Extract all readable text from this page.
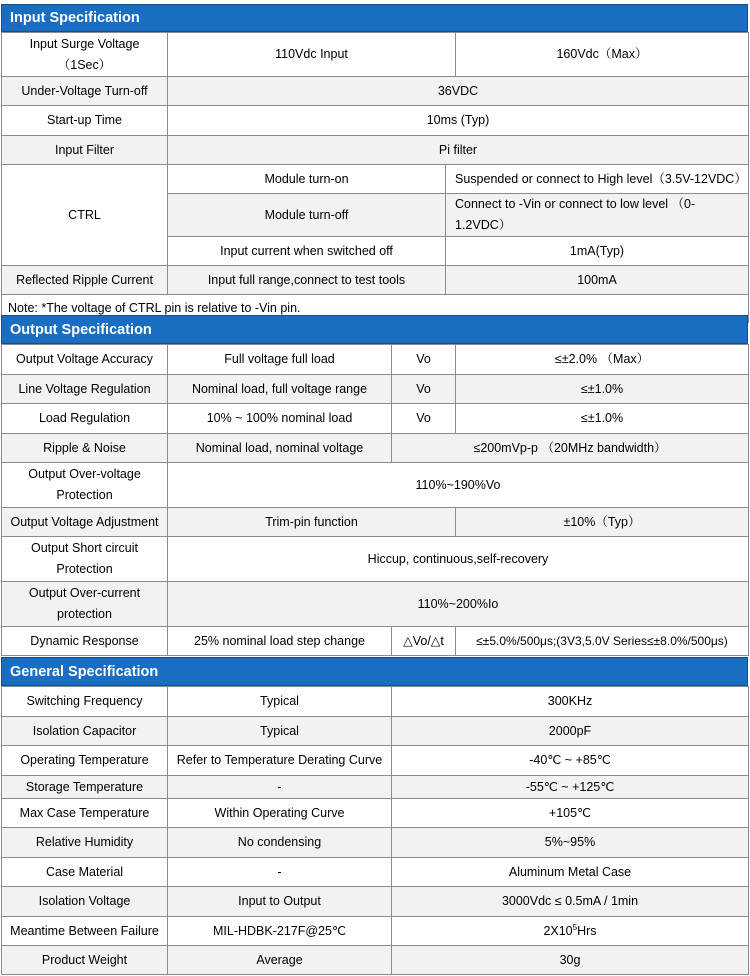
Input Specification
Input Surge Voltage
（1Sec）	110Vdc Input		160Vdc（Max）
Under-Voltage Turn-off	36VDC		
Start-up Time	10ms (Typ)		
Input Filter	Pi filter		
CTRL	Module turn-on	Suspended or connect to High level（3.5V-12VDC）	
	Module turn-off	Connect to -Vin or connect to low level （0-1.2VDC）	
	Input current when switched off	1mA(Typ)	
Reflected Ripple Current	Input full range,connect to test tools	100mA	
Note: *The voltage of CTRL pin is relative to -Vin pin.			
Output Specification
Output Voltage Accuracy	Full voltage full load	Vo	≤±2.0% （Max）
Line Voltage Regulation	Nominal load, full voltage range	Vo	≤±1.0%
Load Regulation	10% ~ 100% nominal load	Vo	≤±1.0%
Ripple & Noise	Nominal load, nominal voltage	≤200mVp-p （20MHz bandwidth）	

Output Over-voltage
Protection	110%~190%Vo		
Output Voltage Adjustment	Trim-pin function		±10%（Typ）

Output Short circuit
Protection	Hiccup, continuous,self-recovery		

Output Over-current
protection	110%~200%Io		
Dynamic Response	25% nominal load step change	△Vo/△t	≤±5.0%/500μs;(3V3,5.0V Series≤±8.0%/500μs)
General Specification
Switching Frequency	Typical	300KHz
Isolation Capacitor	Typical	2000pF
Operating Temperature	Refer to Temperature Derating Curve	-40℃ ~ +85℃
Storage Temperature	-	-55℃ ~ +125℃
Max Case Temperature	Within Operating Curve	+105℃
Relative Humidity	No condensing	5%~95%
Case Material	-	Aluminum Metal Case
Isolation Voltage	Input to Output	3000Vdc ≤ 0.5mA / 1min
Meantime Between Failure	MIL-HDBK-217F@25℃	$2X10^5Hrs$
Product Weight	Average	30g
